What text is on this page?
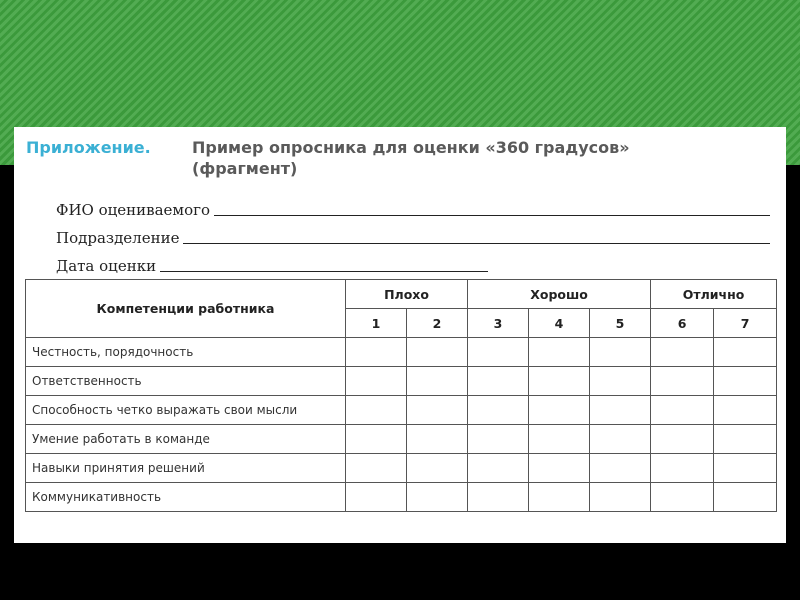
Приложение.	Пример опросника для оценки «360 градусов»
(фрагмент)
ФИО оцениваемого
Подразделение
Дата оценки
Компетенции работника	Плохо		Хорошо			Отлично	
	1	2	3	4	5	6	7
Честность, порядочность							
Ответственность							
Способность четко выражать свои мысли							
Умение работать в команде							
Навыки принятия решений							
Коммуникативность							
